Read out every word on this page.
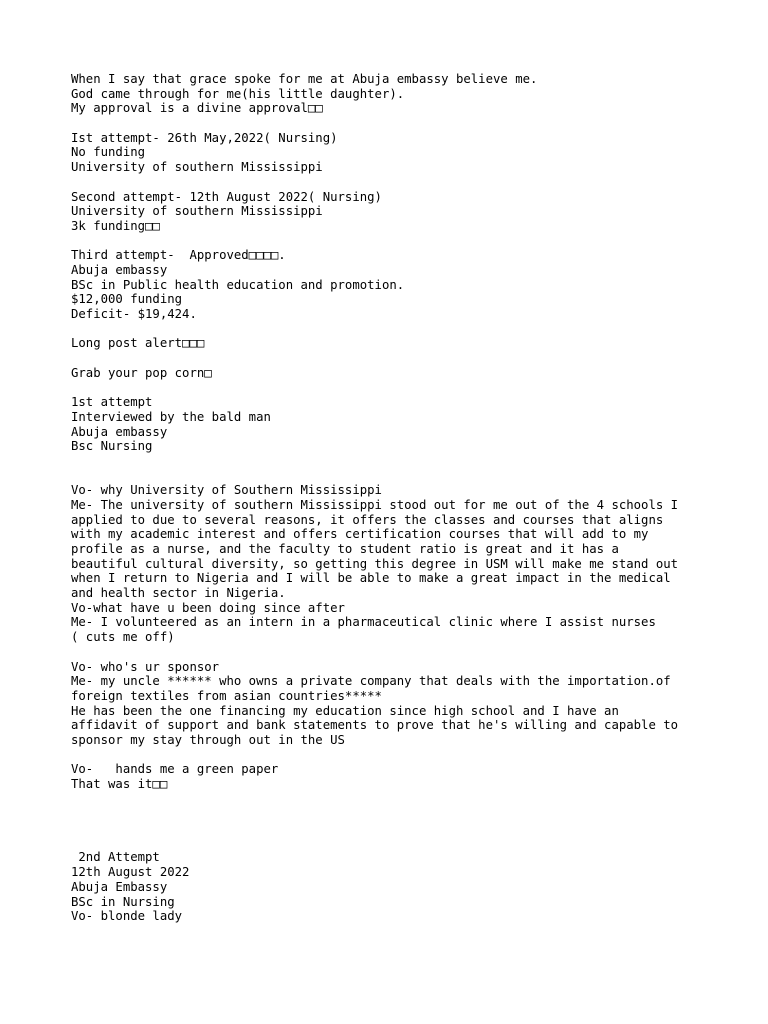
When I say that grace spoke for me at Abuja embassy believe me.
God came through for me(his little daughter).
My approval is a divine approval□□
Ist attempt- 26th May,2022( Nursing)
No funding
University of southern Mississippi
Second attempt- 12th August 2022( Nursing)
University of southern Mississippi
3k funding□□
Third attempt-  Approved□□□□.
Abuja embassy
BSc in Public health education and promotion.
$12,000 funding
Deficit- $19,424.
Long post alert□□□
Grab your pop corn□
1st attempt
Interviewed by the bald man
Abuja embassy
Bsc Nursing
Vo- why University of Southern Mississippi
Me- The university of southern Mississippi stood out for me out of the 4 schools I
applied to due to several reasons, it offers the classes and courses that aligns
with my academic interest and offers certification courses that will add to my
profile as a nurse, and the faculty to student ratio is great and it has a
beautiful cultural diversity, so getting this degree in USM will make me stand out
when I return to Nigeria and I will be able to make a great impact in the medical
and health sector in Nigeria.
Vo-what have u been doing since after
Me- I volunteered as an intern in a pharmaceutical clinic where I assist nurses
( cuts me off)
Vo- who's ur sponsor
Me- my uncle ****** who owns a private company that deals with the importation.of
foreign textiles from asian countries*****
He has been the one financing my education since high school and I have an
affidavit of support and bank statements to prove that he's willing and capable to
sponsor my stay through out in the US
Vo-   hands me a green paper
That was it□□
2nd Attempt
12th August 2022
Abuja Embassy
BSc in Nursing
Vo- blonde lady
